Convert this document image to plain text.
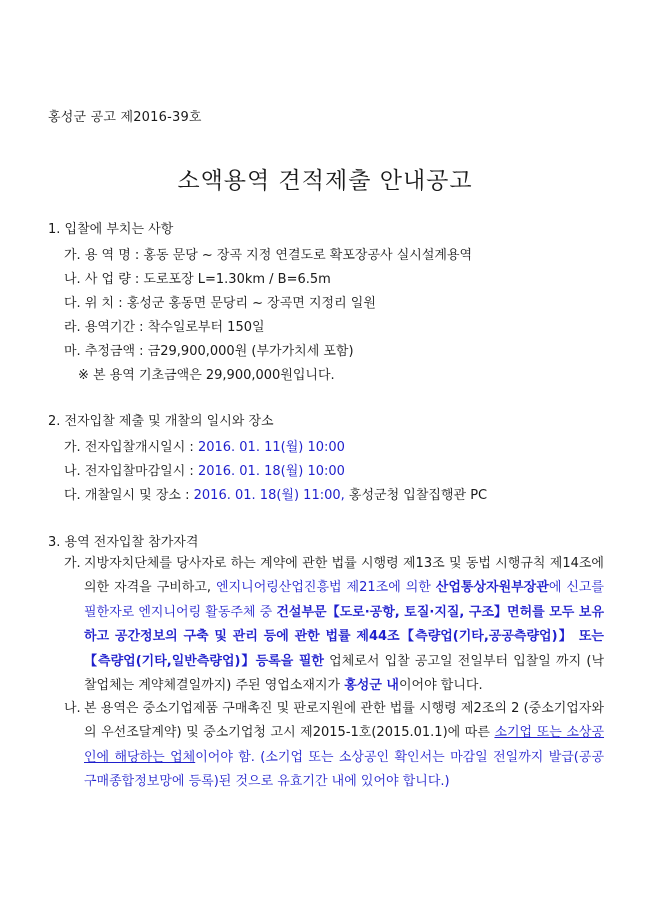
홍성군 공고 제2016-39호
소액용역 견적제출 안내공고
1. 입찰에 부치는 사항
가. 용 역 명 : 홍동 문당 ~ 장곡 지정 연결도로 확포장공사 실시설계용역
나. 사 업 량 : 도로포장 L=1.30km / B=6.5m
다. 위 치 : 홍성군 홍동면 문당리 ~ 장곡면 지정리 일원
라. 용역기간 : 착수일로부터 150일
마. 추정금액 : 금29,900,000원 (부가가치세 포함)
※ 본 용역 기초금액은 29,900,000원입니다.
2. 전자입찰 제출 및 개찰의 일시와 장소
가. 전자입찰개시일시 : 2016. 01. 11(월) 10:00
나. 전자입찰마감일시 : 2016. 01. 18(월) 10:00
다. 개찰일시 및 장소 : 2016. 01. 18(월) 11:00, 홍성군청 입찰집행관 PC
3. 용역 전자입찰 참가자격
가. 지방자치단체를 당사자로 하는 계약에 관한 법률 시행령 제13조 및 동법 시행규칙 제14조에 의한 자격을 구비하고, 엔지니어링산업진흥법 제21조에 의한 산업통상자원부장관에 신고를 필한자로 엔지니어링 활동주체 중 건설부문【도로·공항, 토질·지질, 구조】면허를 모두 보유하고 공간정보의 구축 및 관리 등에 관한 법률 제44조【측량업(기타,공공측량업)】 또는 【측량업(기타,일반측량업)】등록을 필한 업체로서 입찰 공고일 전일부터 입찰일 까지 (낙찰업체는 계약체결일까지) 주된 영업소재지가 홍성군 내이어야 합니다.
나. 본 용역은 중소기업제품 구매촉진 및 판로지원에 관한 법률 시행령 제2조의 2 (중소기업자와의 우선조달계약) 및 중소기업청 고시 제2015-1호(2015.01.1)에 따른 소기업 또는 소상공인에 해당하는 업체이어야 함. (소기업 또는 소상공인 확인서는 마감일 전일까지 발급(공공구매종합정보망에 등록)된 것으로 유효기간 내에 있어야 합니다.)
